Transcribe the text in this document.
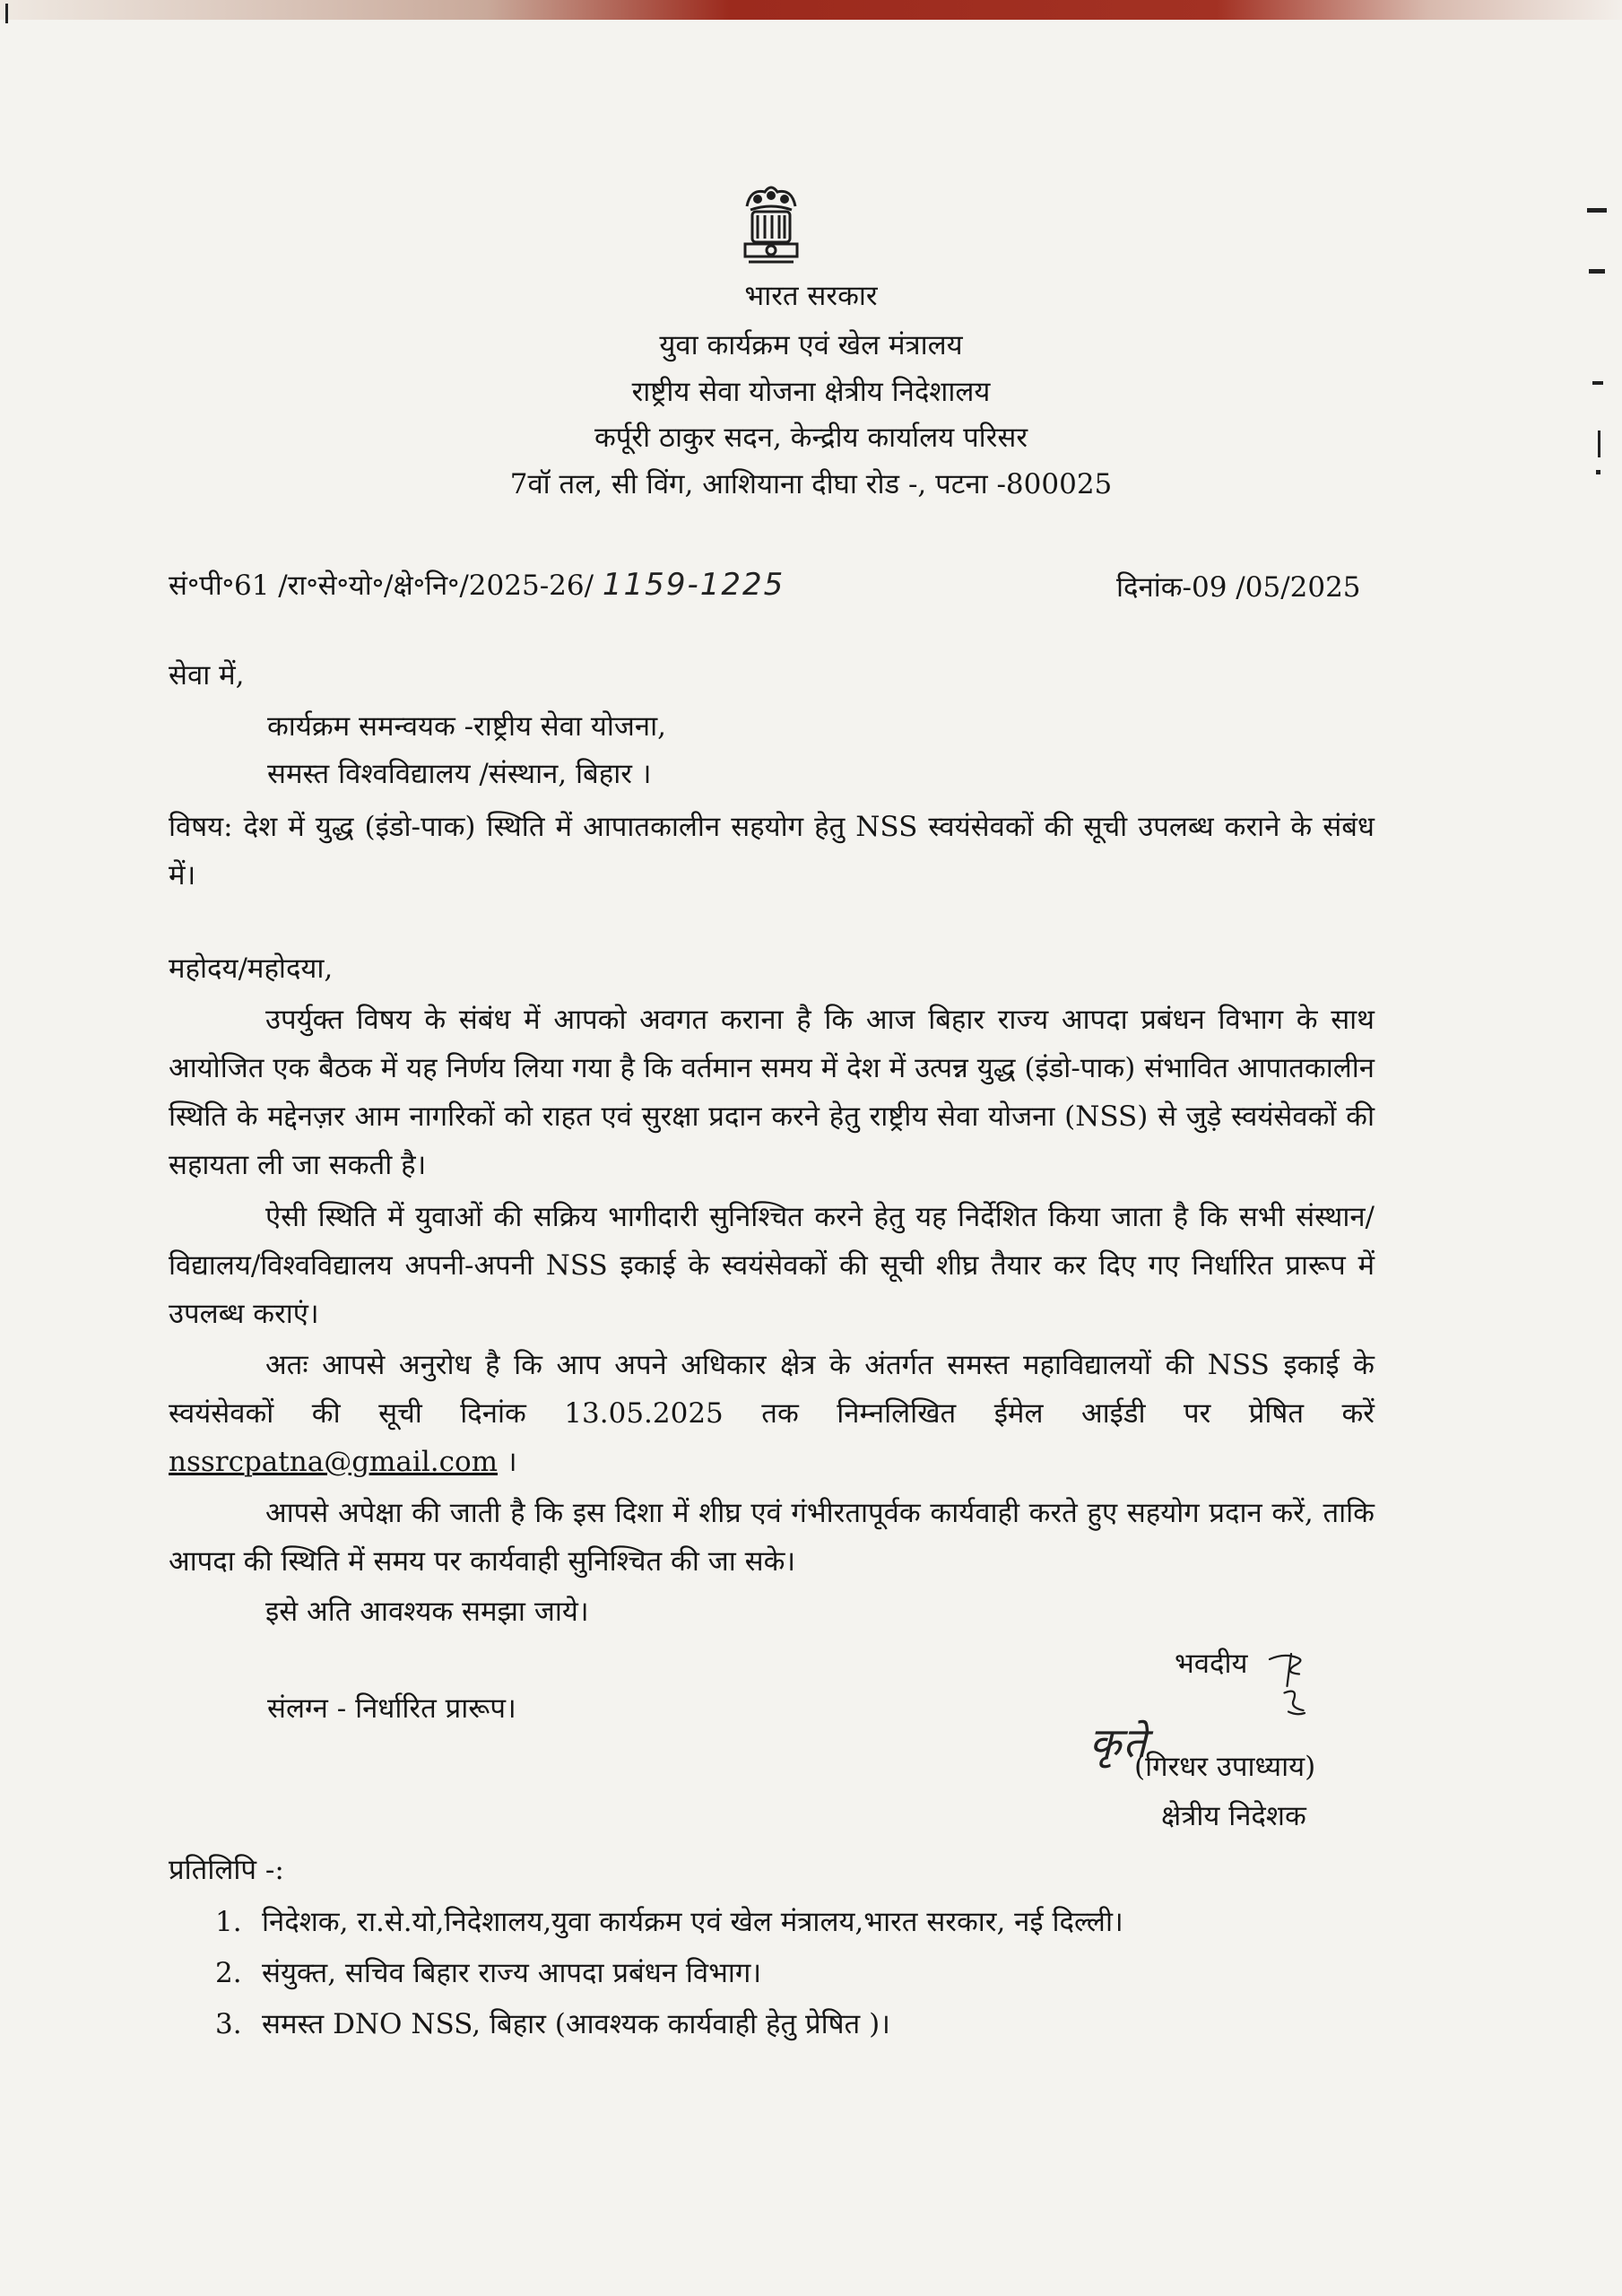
भारत सरकार
युवा कार्यक्रम एवं खेल मंत्रालय
राष्ट्रीय सेवा योजना क्षेत्रीय निदेशालय
कर्पूरी ठाकुर सदन, केन्द्रीय कार्यालय परिसर
7वॉ तल, सी विंग, आशियाना दीघा रोड -, पटना -800025
सं॰पी॰61 /रा॰से॰यो॰/क्षे॰नि॰/2025-26/ 1159-1225	दिनांक-09 /05/2025
सेवा में,
कार्यक्रम समन्वयक -राष्ट्रीय सेवा योजना,
समस्त विश्वविद्यालय /संस्थान, बिहार ।
विषय: देश में युद्ध (इंडो-पाक) स्थिति में आपातकालीन सहयोग हेतु NSS स्वयंसेवकों की सूची उपलब्ध कराने के संबंध में।
महोदय/महोदया,
उपर्युक्त विषय के संबंध में आपको अवगत कराना है कि आज बिहार राज्य आपदा प्रबंधन विभाग के साथ आयोजित एक बैठक में यह निर्णय लिया गया है कि वर्तमान समय में देश में उत्पन्न युद्ध (इंडो-पाक) संभावित आपातकालीन स्थिति के मद्देनज़र आम नागरिकों को राहत एवं सुरक्षा प्रदान करने हेतु राष्ट्रीय सेवा योजना (NSS) से जुड़े स्वयंसेवकों की सहायता ली जा सकती है।
ऐसी स्थिति में युवाओं की सक्रिय भागीदारी सुनिश्चित करने हेतु यह निर्देशित किया जाता है कि सभी संस्थान/विद्यालय/विश्वविद्यालय अपनी-अपनी NSS इकाई के स्वयंसेवकों की सूची शीघ्र तैयार कर दिए गए निर्धारित प्रारूप में उपलब्ध कराएं।
अतः आपसे अनुरोध है कि आप अपने अधिकार क्षेत्र के अंतर्गत समस्त महाविद्यालयों की NSS इकाई के स्वयंसेवकों की सूची दिनांक 13.05.2025 तक निम्नलिखित ईमेल आईडी पर प्रेषित करें nssrcpatna@gmail.com ।
आपसे अपेक्षा की जाती है कि इस दिशा में शीघ्र एवं गंभीरतापूर्वक कार्यवाही करते हुए सहयोग प्रदान करें, ताकि आपदा की स्थिति में समय पर कार्यवाही सुनिश्चित की जा सके।
इसे अति आवश्यक समझा जाये।
संलग्न - निर्धारित प्रारूप।
भवदीय
कृते
(गिरधर उपाध्याय)
क्षेत्रीय निदेशक
प्रतिलिपि -:
1. निदेशक, रा.से.यो,निदेशालय,युवा कार्यक्रम एवं खेल मंत्रालय,भारत सरकार, नई दिल्ली।
2. संयुक्त, सचिव बिहार राज्य आपदा प्रबंधन विभाग।
3. समस्त DNO NSS, बिहार (आवश्यक कार्यवाही हेतु प्रेषित )।
